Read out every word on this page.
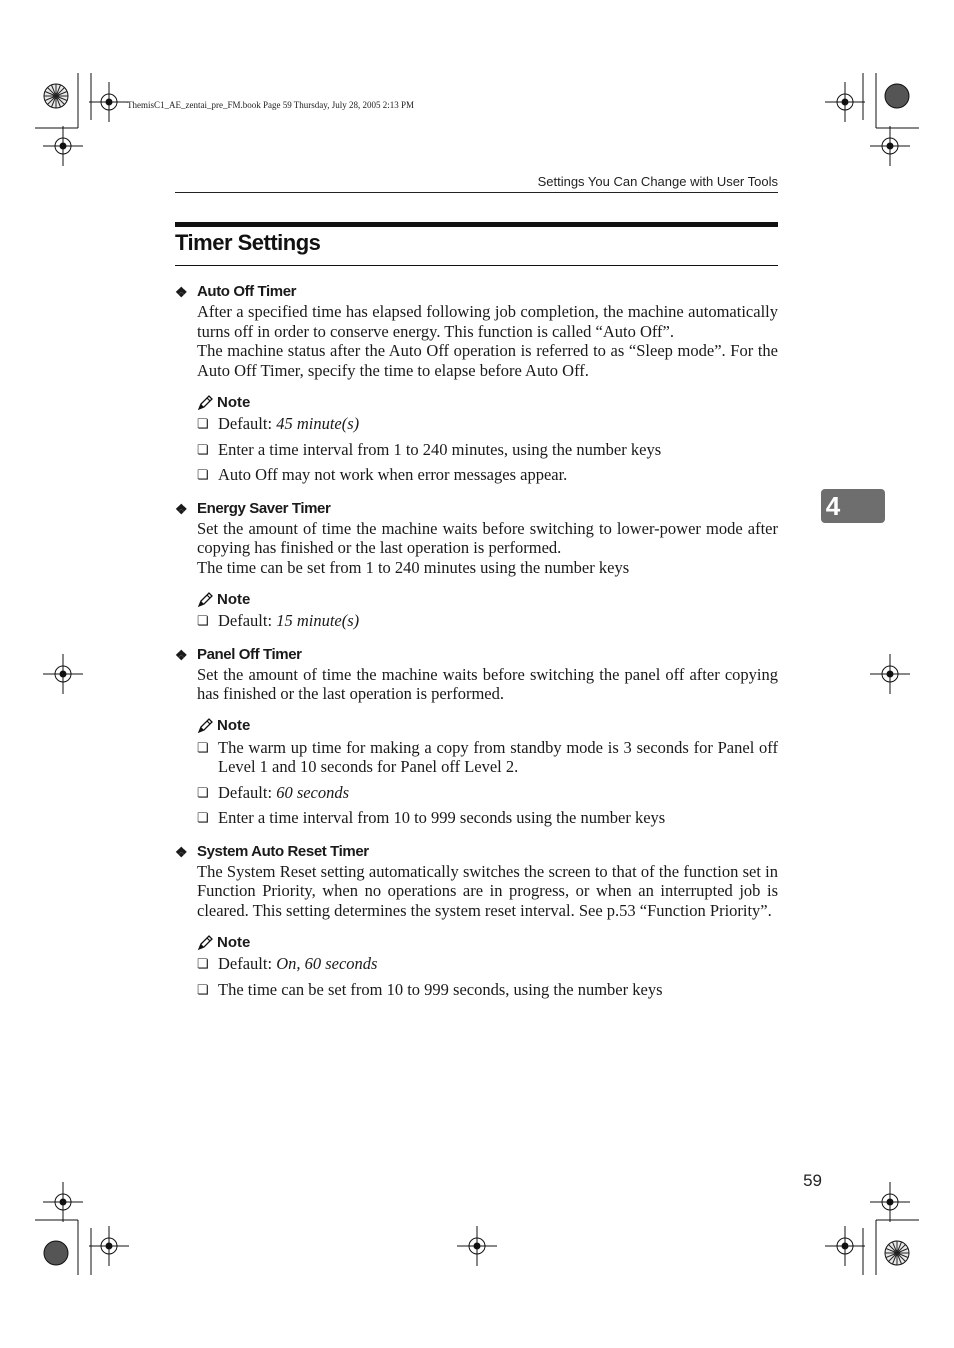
ThemisC1_AE_zentai_pre_FM.book Page 59 Thursday, July 28, 2005 2:13 PM
Settings You Can Change with User Tools
Timer Settings
❖ Auto Off Timer

After a specified time has elapsed following job completion, the machine automatically turns off in order to conserve energy. This function is called “Auto Off”.

The machine status after the Auto Off operation is referred to as “Sleep mode”. For the Auto Off Timer, specify the time to elapse before Auto Off.

Note
❏ Default: 45 minute(s)
❏ Enter a time interval from 1 to 240 minutes, using the number keys
❏ Auto Off may not work when error messages appear.
❖ Energy Saver Timer

Set the amount of time the machine waits before switching to lower-power mode after copying has finished or the last operation is performed.

The time can be set from 1 to 240 minutes using the number keys

Note
❏ Default: 15 minute(s)
❖ Panel Off Timer

Set the amount of time the machine waits before switching the panel off after copying has finished or the last operation is performed.

Note
❏ The warm up time for making a copy from standby mode is 3 seconds for Panel off Level 1 and 10 seconds for Panel off Level 2.
❏ Default: 60 seconds
❏ Enter a time interval from 10 to 999 seconds using the number keys
❖ System Auto Reset Timer

The System Reset setting automatically switches the screen to that of the function set in Function Priority, when no operations are in progress, or when an interrupted job is cleared. This setting determines the system reset interval. See p.53 “Function Priority”.

Note
❏ Default: On, 60 seconds
❏ The time can be set from 10 to 999 seconds, using the number keys
4
59
